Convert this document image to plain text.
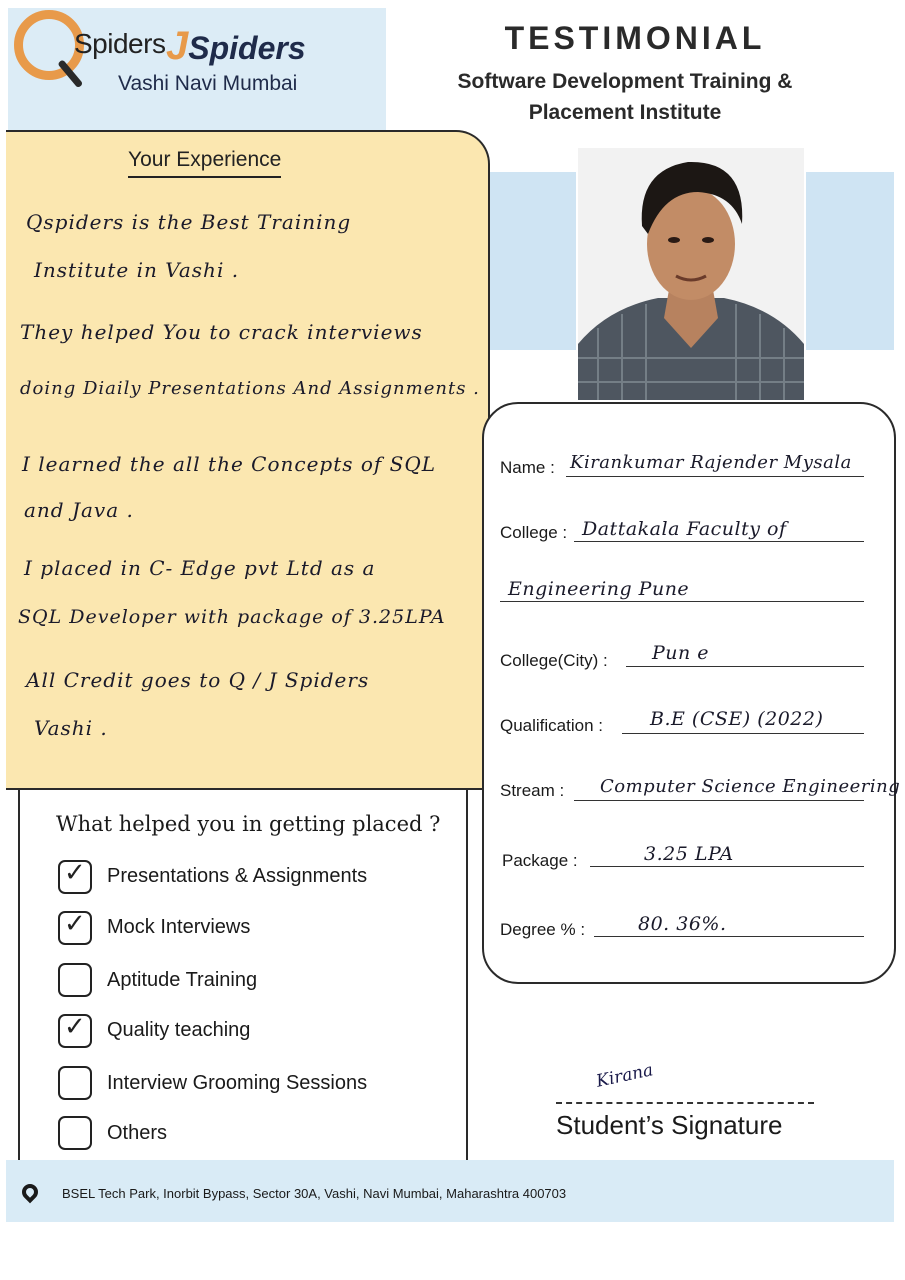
Spiders JSpiders
Vashi Navi Mumbai
TESTIMONIAL
Software Development Training & Placement Institute
Your Experience
Qspiders is the Best Training
Institute in Vashi .
They helped You to crack interviews
doing Diaily Presentations And Assignments .
I learned the all the Concepts of SQL
and Java .
I placed in C- Edge pvt Ltd as a
SQL Developer with package of 3.25LPA
All Credit goes to Q / J Spiders
Vashi .
Name : Kirankumar Rajender Mysala
College : Dattakala Faculty of
Engineering Pune
College(City) : Pun e
Qualification : B.E (CSE) (2022)
Stream : Computer Science Engineering
Package :	3.25 LPA
Degree % :	80. 36%.
What helped you in getting placed ?
✓ Presentations & Assignments
✓ Mock Interviews
Aptitude Training
✓ Quality teaching
Interview Grooming Sessions
Others
Kirana
Student’s Signature
BSEL Tech Park, Inorbit Bypass, Sector 30A, Vashi, Navi Mumbai, Maharashtra 400703
